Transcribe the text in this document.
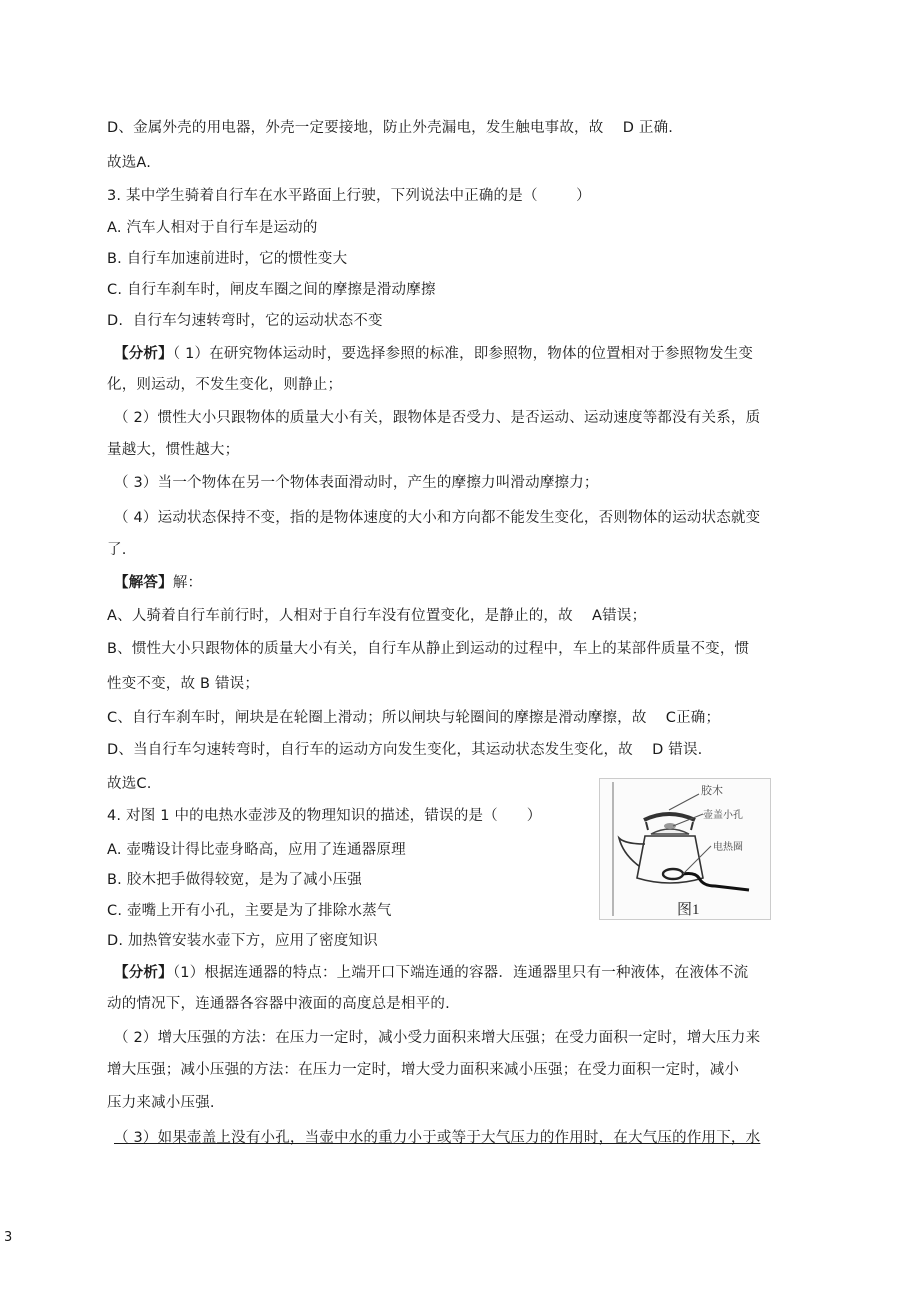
D、金属外壳的用电器，外壳一定要接地，防止外壳漏电，发生触电事故，故    D 正确.
故选A.
3. 某中学生骑着自行车在水平路面上行驶，下列说法中正确的是（        ）
A. 汽车人相对于自行车是运动的
B. 自行车加速前进时，它的惯性变大
C. 自行车刹车时，闸皮车圈之间的摩擦是滑动摩擦
D.  自行车匀速转弯时，它的运动状态不变
【分析】（ 1）在研究物体运动时，要选择参照的标准，即参照物，物体的位置相对于参照物发生变
化，则运动，不发生变化，则静止；
（ 2）惯性大小只跟物体的质量大小有关，跟物体是否受力、是否运动、运动速度等都没有关系，质
量越大，惯性越大；
（ 3）当一个物体在另一个物体表面滑动时，产生的摩擦力叫滑动摩擦力；
（ 4）运动状态保持不变，指的是物体速度的大小和方向都不能发生变化，否则物体的运动状态就变
了.
【解答】解：
A、人骑着自行车前行时，人相对于自行车没有位置变化，是静止的，故    A错误；
B、惯性大小只跟物体的质量大小有关，自行车从静止到运动的过程中，车上的某部件质量不变，惯
性变不变，故 B 错误；
C、自行车刹车时，闸块是在轮圈上滑动；所以闸块与轮圈间的摩擦是滑动摩擦，故    C正确；
D、当自行车匀速转弯时，自行车的运动方向发生变化，其运动状态发生变化，故    D 错误.
故选C.
4. 对图 1 中的电热水壶涉及的物理知识的描述，错误的是（      ）
A. 壶嘴设计得比壶身略高，应用了连通器原理
B. 胶木把手做得较宽，是为了减小压强
C. 壶嘴上开有小孔，主要是为了排除水蒸气
D. 加热管安装水壶下方，应用了密度知识
【分析】（1）根据连通器的特点：上端开口下端连通的容器．连通器里只有一种液体，在液体不流
动的情况下，连通器各容器中液面的高度总是相平的.
（ 2）增大压强的方法：在压力一定时，减小受力面积来增大压强；在受力面积一定时，增大压力来
增大压强；减小压强的方法：在压力一定时，增大受力面积来减小压强；在受力面积一定时，减小
压力来减小压强.
（ 3）如果壶盖上没有小孔，当壶中水的重力小于或等于大气压力的作用时，在大气压的作用下，水
胶木
壶盖小孔
电热圈
图1
3
